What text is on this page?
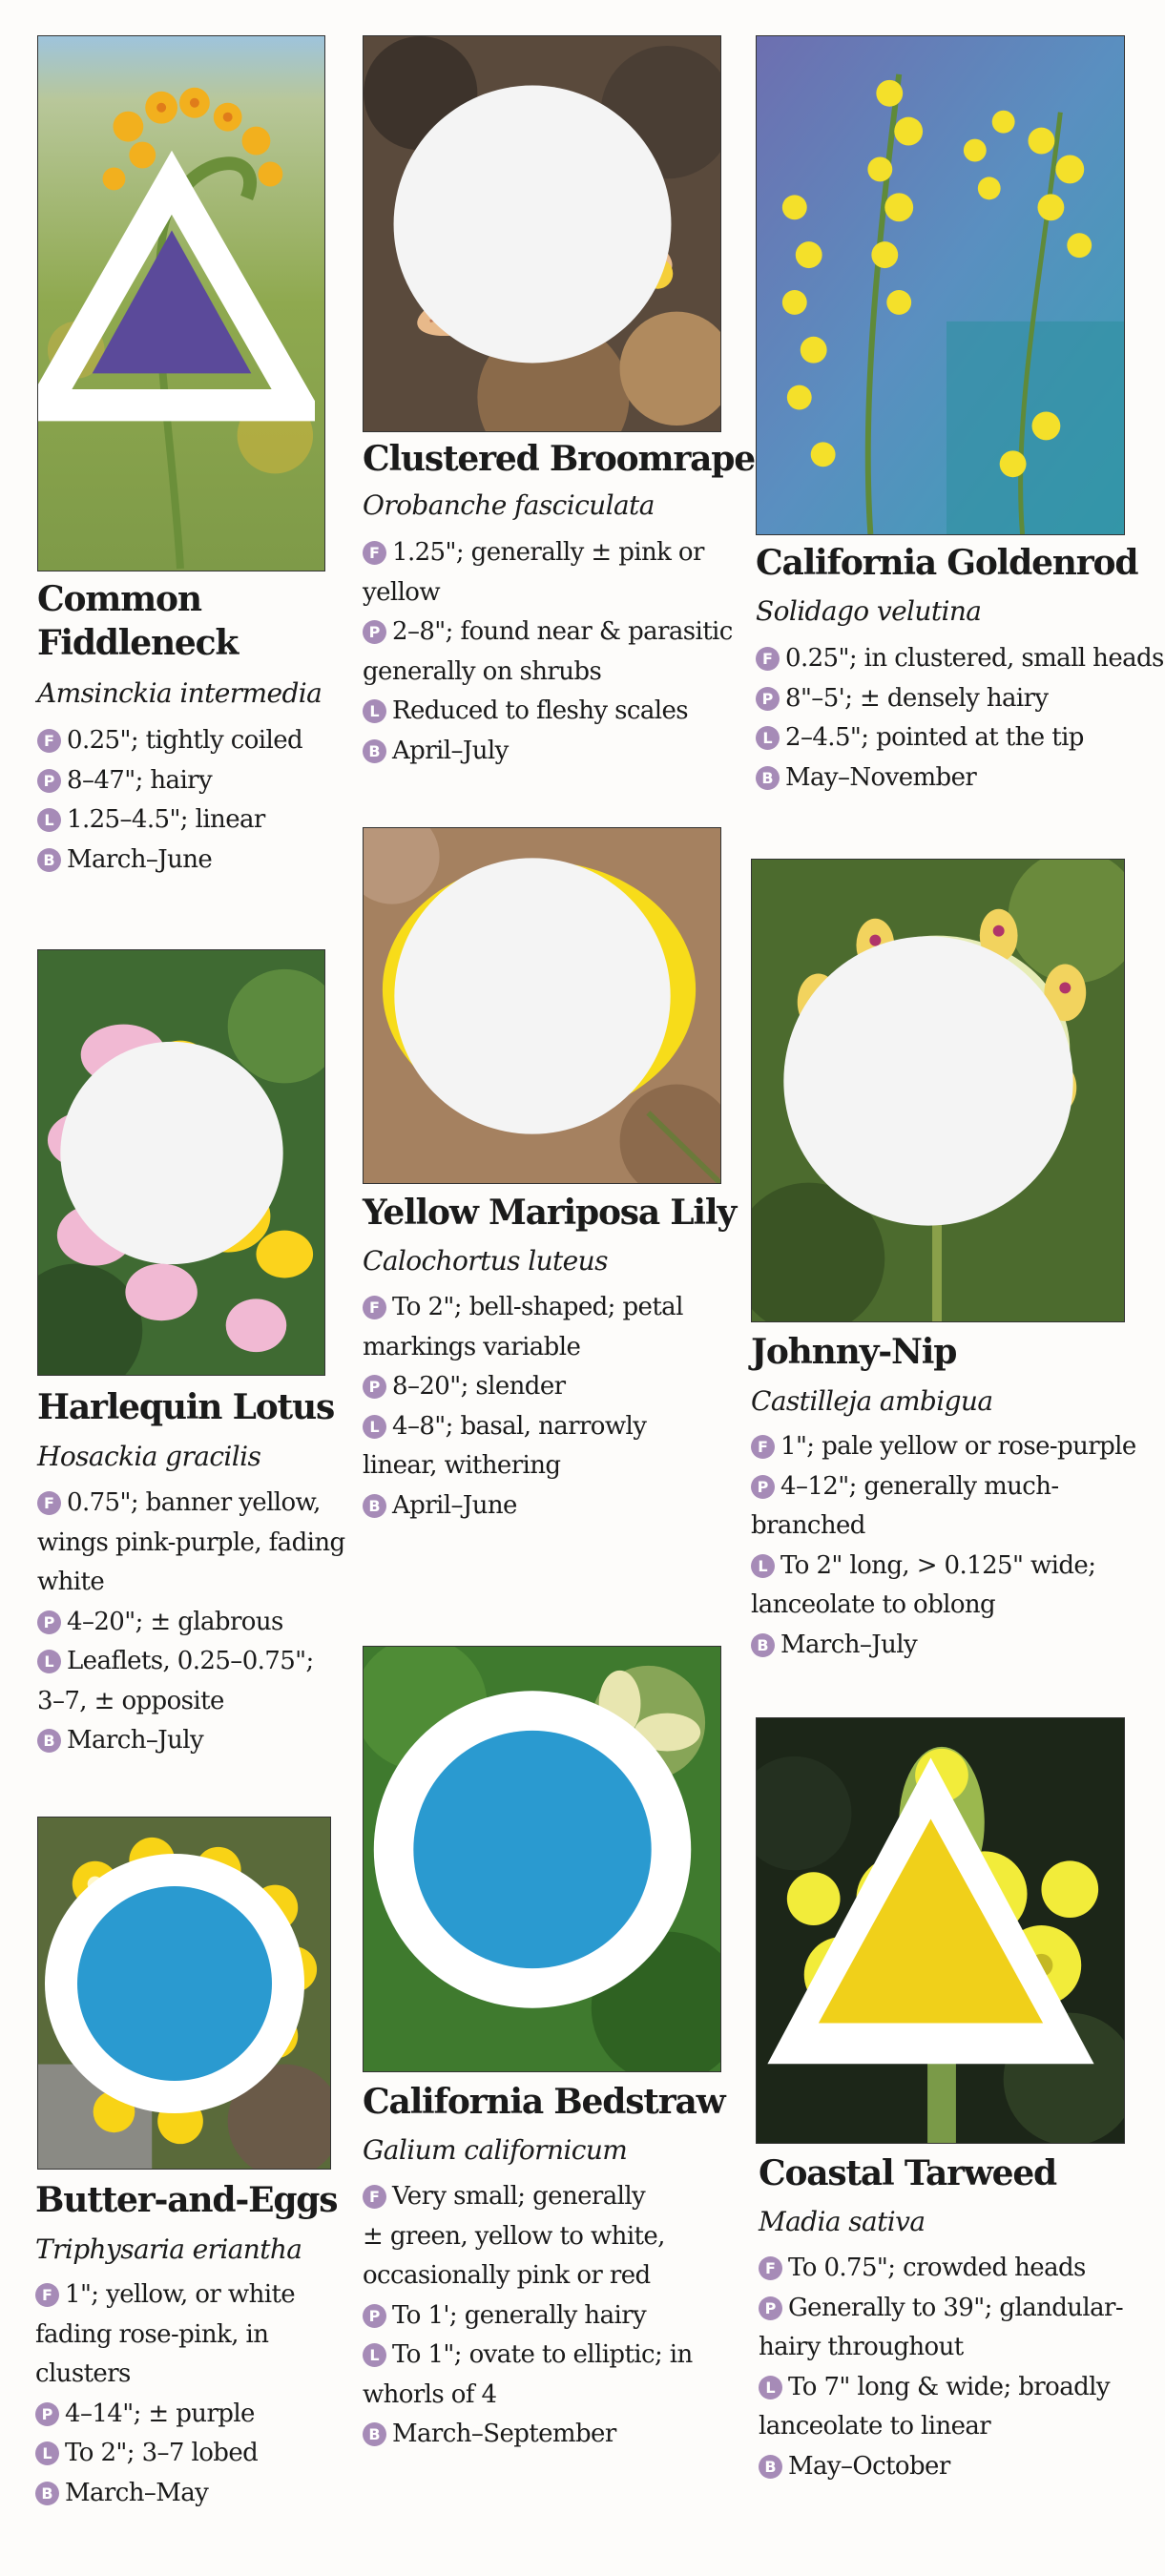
Common
Fiddleneck
Amsinckia intermedia
F 0.25"; tightly coiled
P 8–47"; hairy
L 1.25–4.5"; linear
B March–June
Clustered Broomrape
Orobanche fasciculata
F 1.25"; generally ± pink or
yellow
P 2–8"; found near & parasitic
generally on shrubs
L Reduced to fleshy scales
B April–July
California Goldenrod
Solidago velutina
F 0.25"; in clustered, small heads
P 8"–5'; ± densely hairy
L 2–4.5"; pointed at the tip
B May–November
Harlequin Lotus
Hosackia gracilis
F 0.75"; banner yellow,
wings pink-purple, fading
white
P 4–20"; ± glabrous
L Leaflets, 0.25–0.75";
3–7, ± opposite
B March–July
Yellow Mariposa Lily
Calochortus luteus
F To 2"; bell-shaped; petal
markings variable
P 8–20"; slender
L 4–8"; basal, narrowly
linear, withering
B April–June
Johnny-Nip
Castilleja ambigua
F 1"; pale yellow or rose-purple
P 4–12"; generally much-
branched
L To 2" long, > 0.125" wide;
lanceolate to oblong
B March–July
Butter-and-Eggs
Triphysaria eriantha
F 1"; yellow, or white
fading rose-pink, in
clusters
P 4–14"; ± purple
L To 2"; 3–7 lobed
B March–May
California Bedstraw
Galium californicum
F Very small; generally
± green, yellow to white,
occasionally pink or red
P To 1'; generally hairy
L To 1"; ovate to elliptic; in
whorls of 4
B March–September
Coastal Tarweed
Madia sativa
F To 0.75"; crowded heads
P Generally to 39"; glandular-
hairy throughout
L To 7" long & wide; broadly
lanceolate to linear
B May–October
